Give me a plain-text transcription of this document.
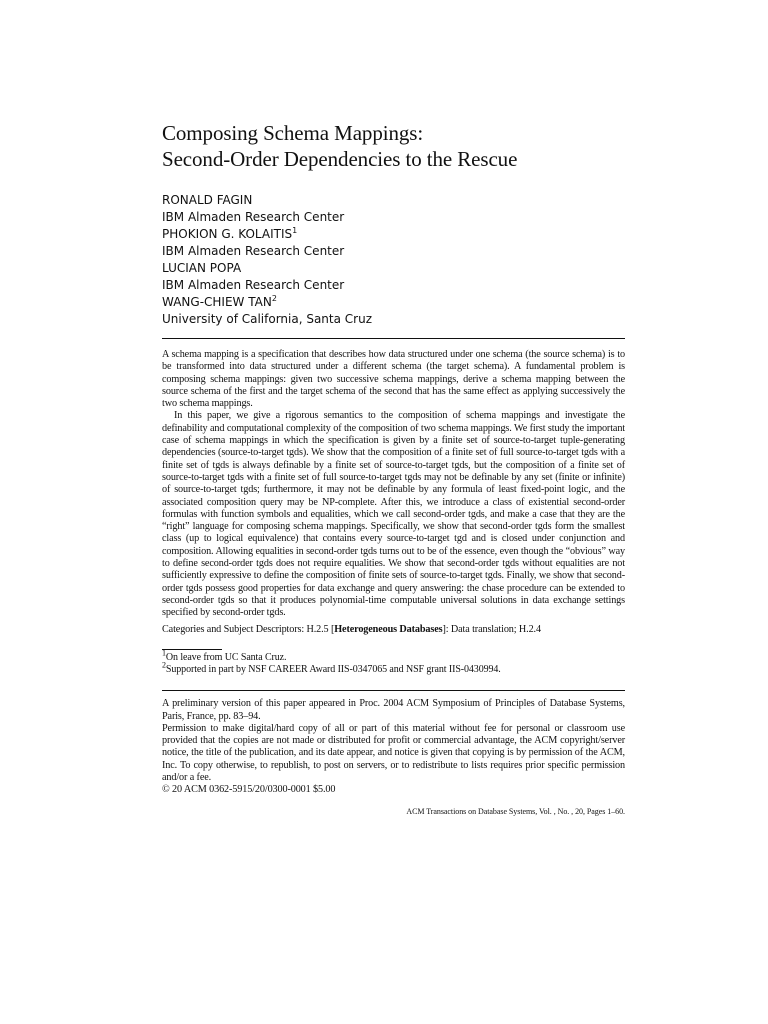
Composing Schema Mappings:
Second-Order Dependencies to the Rescue
RONALD FAGIN
IBM Almaden Research Center
PHOKION G. KOLAITIS$^1$
IBM Almaden Research Center
LUCIAN POPA
IBM Almaden Research Center
WANG-CHIEW TAN$^2$
University of California, Santa Cruz

A schema mapping is a specification that describes how data structured under one schema (the source schema) is to be transformed into data structured under a different schema (the target schema). A fundamental problem is composing schema mappings: given two successive schema mappings, derive a schema mapping between the source schema of the first and the target schema of the second that has the same effect as applying successively the two schema mappings.

In this paper, we give a rigorous semantics to the composition of schema mappings and investigate the definability and computational complexity of the composition of two schema mappings. We first study the important case of schema mappings in which the specification is given by a finite set of source-to-target tuple-generating dependencies (source-to-target tgds). We show that the composition of a finite set of full source-to-target tgds with a finite set of tgds is always definable by a finite set of source-to-target tgds, but the composition of a finite set of source-to-target tgds with a finite set of full source-to-target tgds may not be definable by any set (finite or infinite) of source-to-target tgds; furthermore, it may not be definable by any formula of least fixed-point logic, and the associated composition query may be NP-complete. After this, we introduce a class of existential second-order formulas with function symbols and equalities, which we call second-order tgds, and make a case that they are the “right” language for composing schema mappings. Specifically, we show that second-order tgds form the smallest class (up to logical equivalence) that contains every source-to-target tgd and is closed under conjunction and composition. Allowing equalities in second-order tgds turns out to be of the essence, even though the “obvious” way to define second-order tgds does not require equalities. We show that second-order tgds without equalities are not sufficiently expressive to define the composition of finite sets of source-to-target tgds. Finally, we show that second-order tgds possess good properties for data exchange and query answering: the chase procedure can be extended to second-order tgds so that it produces polynomial-time computable universal solutions in data exchange settings specified by second-order tgds.

Categories and Subject Descriptors: H.2.5 [Heterogeneous Databases]: Data translation; H.2.4
$^1$On leave from UC Santa Cruz.
$^2$Supported in part by NSF CAREER Award IIS-0347065 and NSF grant IIS-0430994.

A preliminary version of this paper appeared in Proc. 2004 ACM Symposium of Principles of Database Systems, Paris, France, pp. 83–94.

Permission to make digital/hard copy of all or part of this material without fee for personal or classroom use provided that the copies are not made or distributed for profit or commercial advantage, the ACM copyright/server notice, the title of the publication, and its date appear, and notice is given that copying is by permission of the ACM, Inc. To copy otherwise, to republish, to post on servers, or to redistribute to lists requires prior specific permission and/or a fee.

© 20 ACM 0362-5915/20/0300-0001 $5.00

ACM Transactions on Database Systems, Vol. , No. , 20, Pages 1–60.
